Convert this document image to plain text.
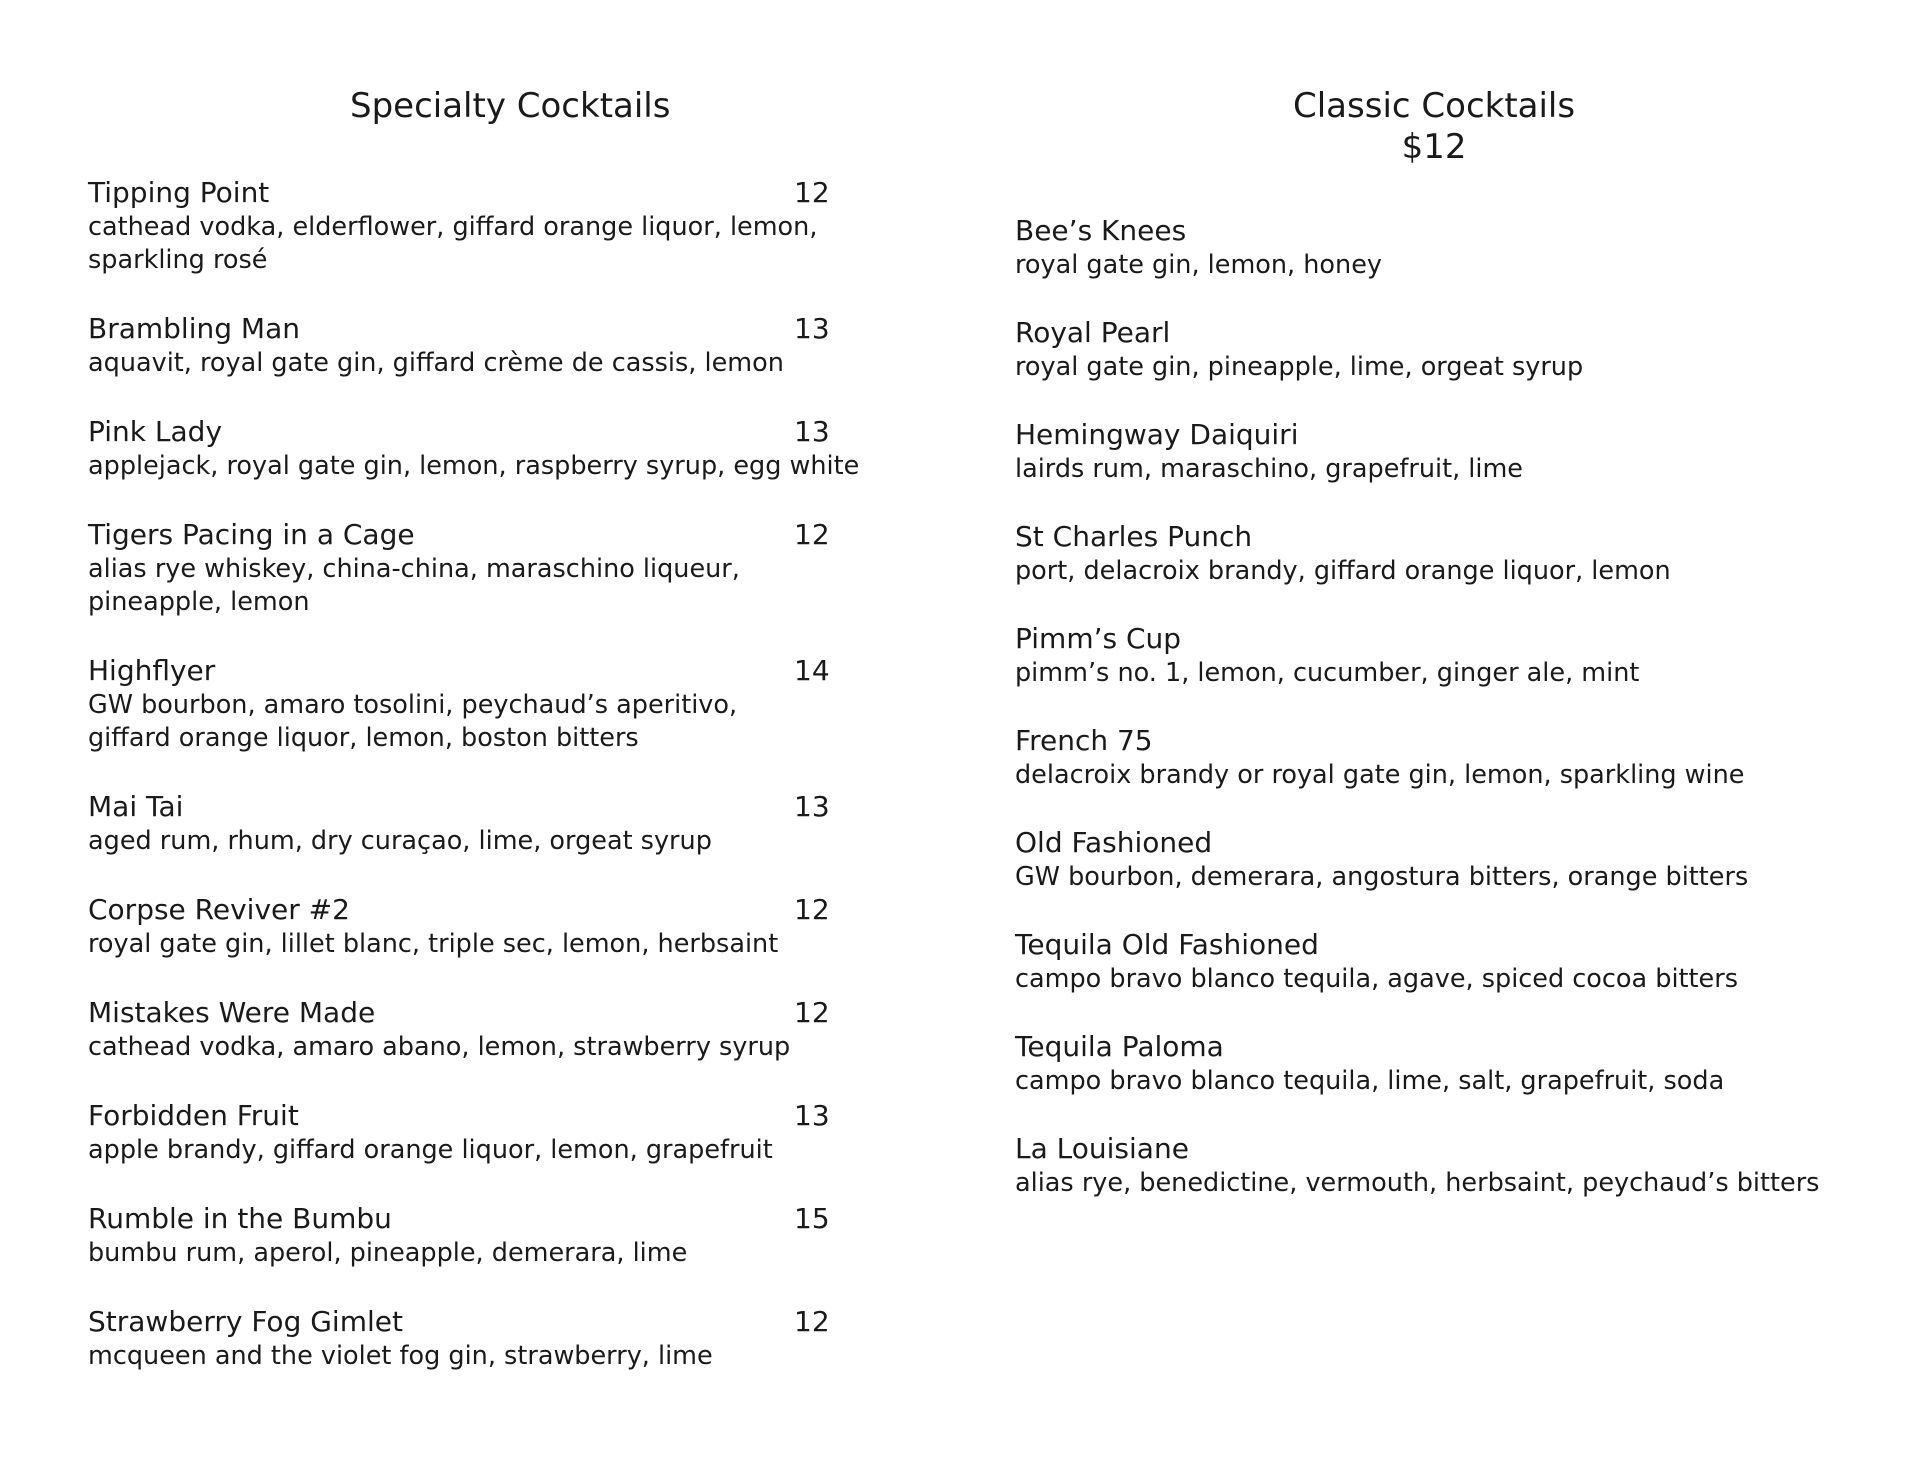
Specialty Cocktails
Tipping Point	12
cathead vodka, elderflower, giffard orange liquor, lemon,
sparkling rosé
Brambling Man	13
aquavit, royal gate gin, giffard crème de cassis, lemon
Pink Lady	13
applejack, royal gate gin, lemon, raspberry syrup, egg white
Tigers Pacing in a Cage	12
alias rye whiskey, china-china, maraschino liqueur,
pineapple, lemon
Highflyer	14
GW bourbon, amaro tosolini, peychaud’s aperitivo,
giffard orange liquor, lemon, boston bitters
Mai Tai	13
aged rum, rhum, dry curaçao, lime, orgeat syrup
Corpse Reviver #2	12
royal gate gin, lillet blanc, triple sec, lemon, herbsaint
Mistakes Were Made	12
cathead vodka, amaro abano, lemon, strawberry syrup
Forbidden Fruit	13
apple brandy, giffard orange liquor, lemon, grapefruit
Rumble in the Bumbu	15
bumbu rum, aperol, pineapple, demerara, lime
Strawberry Fog Gimlet	12
mcqueen and the violet fog gin, strawberry, lime
Classic Cocktails
$12
Bee’s Knees
royal gate gin, lemon, honey
Royal Pearl
royal gate gin, pineapple, lime, orgeat syrup
Hemingway Daiquiri
lairds rum, maraschino, grapefruit, lime
St Charles Punch
port, delacroix brandy, giffard orange liquor, lemon
Pimm’s Cup
pimm’s no. 1, lemon, cucumber, ginger ale, mint
French 75
delacroix brandy or royal gate gin, lemon, sparkling wine
Old Fashioned
GW bourbon, demerara, angostura bitters, orange bitters
Tequila Old Fashioned
campo bravo blanco tequila, agave, spiced cocoa bitters
Tequila Paloma
campo bravo blanco tequila, lime, salt, grapefruit, soda
La Louisiane
alias rye, benedictine, vermouth, herbsaint, peychaud’s bitters
